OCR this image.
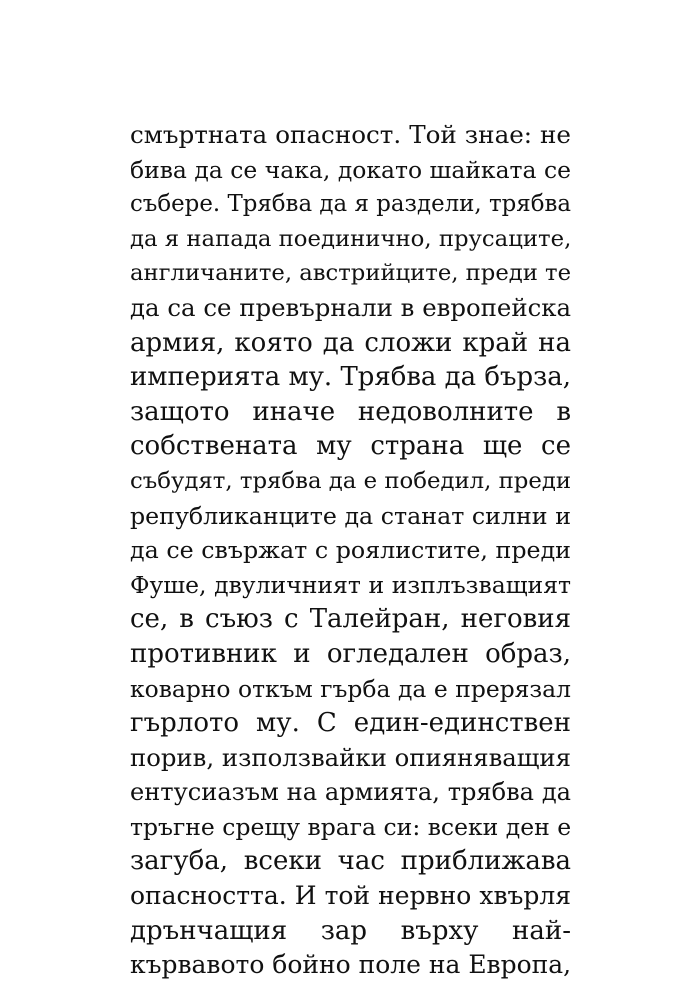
смъртната опасност. Той знае: не
бива да се чака, докато шайката се
събере. Трябва да я раздели, трябва
да я напада поединично, прусаците,
англичаните, австрийците, преди те
да са се превърнали в европейска
армия, която да сложи край на
империята му. Трябва да бърза,
защото иначе недоволните в
собствената му страна ще се
събудят, трябва да е победил, преди
републиканците да станат силни и
да се свържат с роялистите, преди
Фуше, двуличният и изплъзващият
се, в съюз с Талейран, неговия
противник и огледален образ,
коварно откъм гърба да е прерязал
гърлото му. С един-единствен
порив, използвайки опияняващия
ентусиазъм на армията, трябва да
тръгне срещу врага си: всеки ден е
загуба, всеки час приближава
опасността. И той нервно хвърля
дрънчащия зар върху най-
кървавото бойно поле на Европа,
